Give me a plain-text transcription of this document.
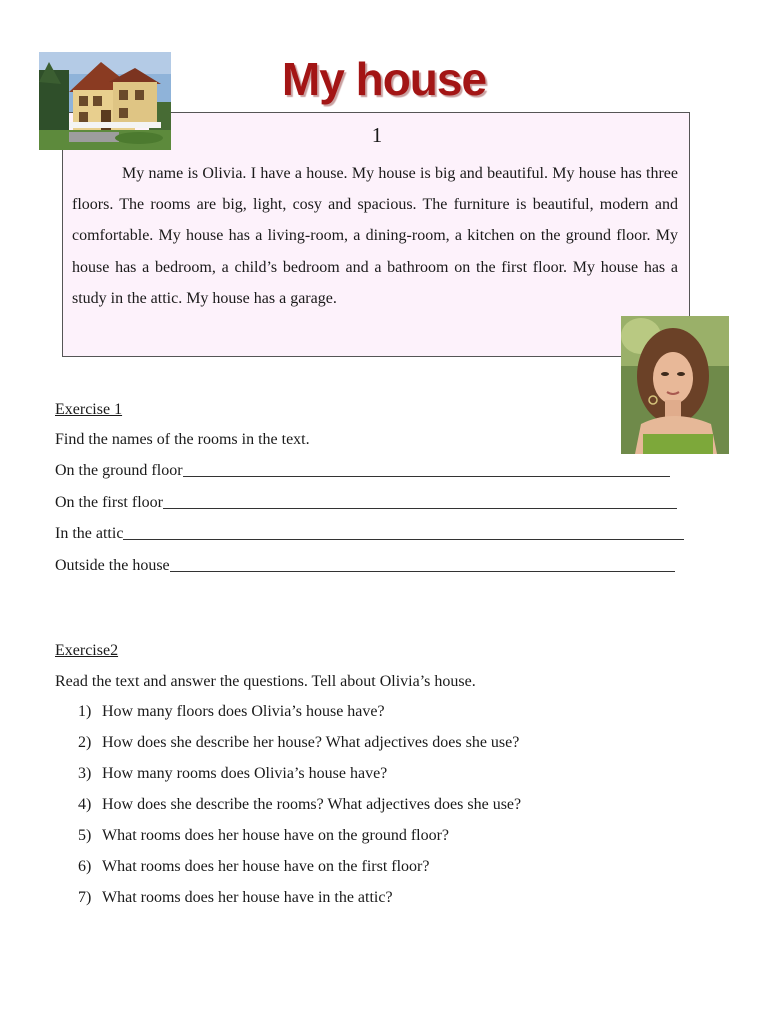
My house
1

My name is Olivia. I have a house. My house is big and beautiful. My house has three floors. The rooms are big, light, cosy and spacious. The furniture is beautiful, modern and comfortable. My house has a living-room, a dining-room, a kitchen on the ground floor. My house has a bedroom, a child’s bedroom and a bathroom on the first floor. My house has a study in the attic. My house has a garage.

Exercise 1
Find the names of the rooms in the text.
On the ground floor
On the first floor
In the attic
Outside the house
Exercise2
Read the text and answer the questions. Tell about Olivia’s house.
1) How many floors does Olivia’s house have?
2) How does she describe her house? What adjectives does she use?
3) How many rooms does Olivia’s house have?
4) How does she describe the rooms? What adjectives does she use?
5) What rooms does her house have on the ground floor?
6) What rooms does her house have on the first floor?
7) What rooms does her house have in the attic?
